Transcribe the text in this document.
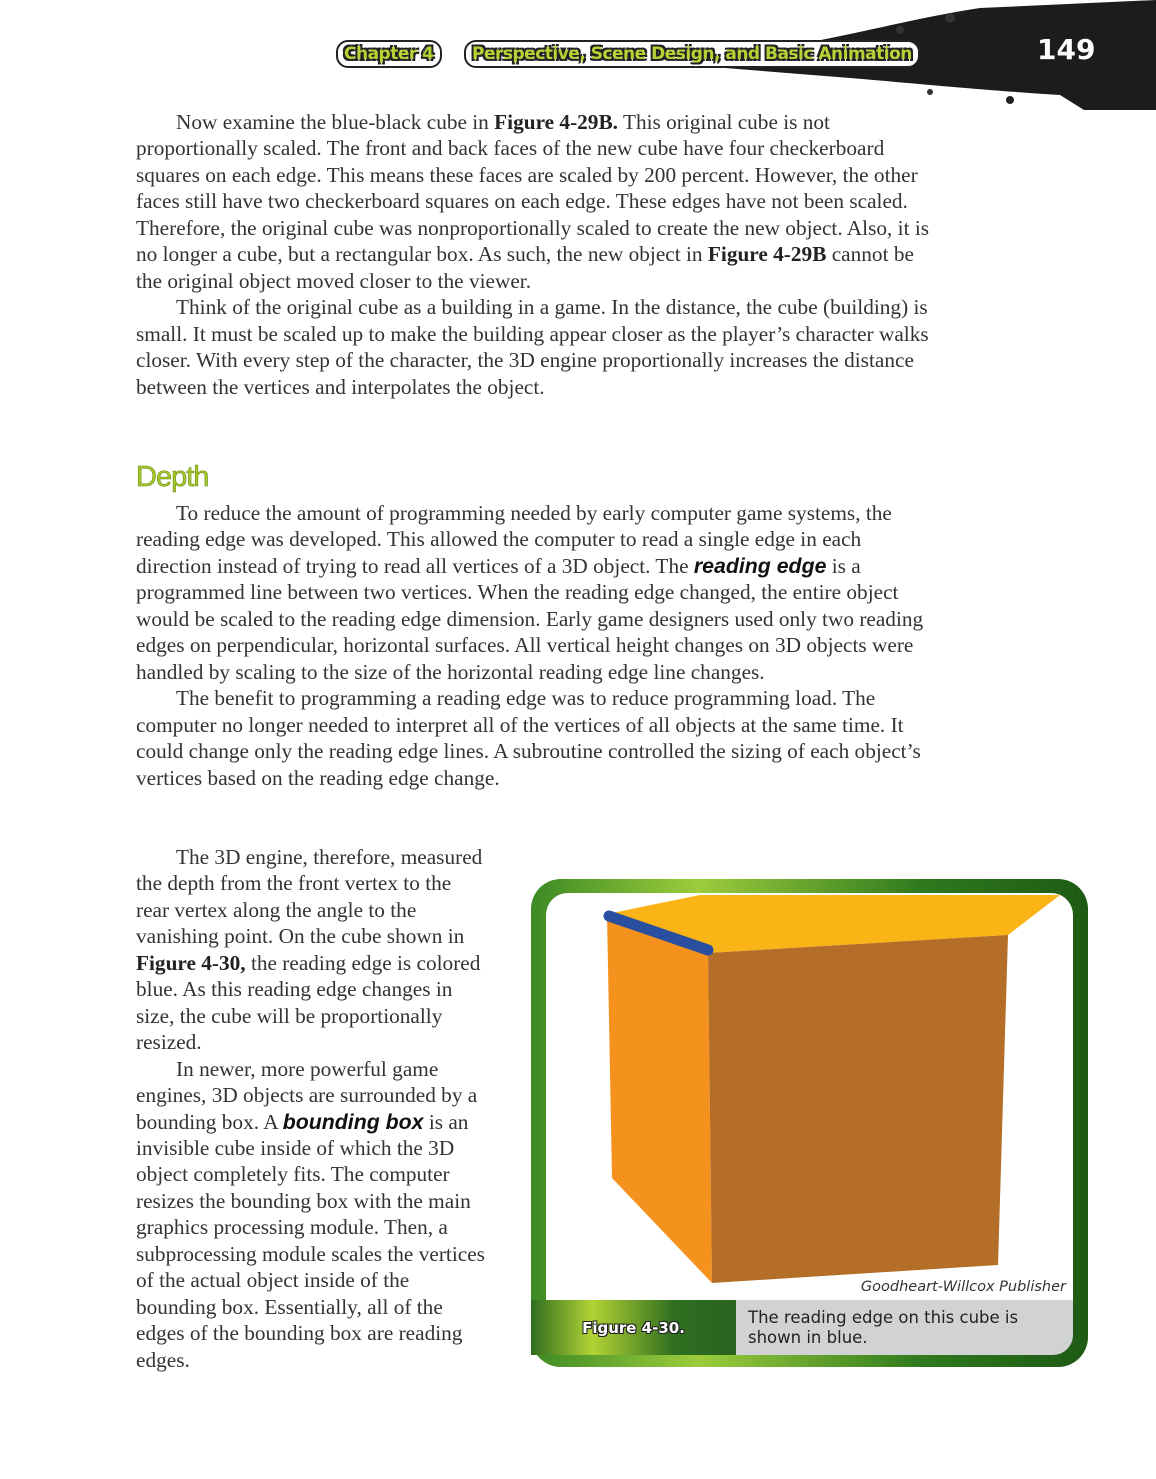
Chapter 4	Perspective, Scene Design, and Basic Animation	149

Now examine the blue-black cube in Figure 4-29B. This original cube is not proportionally scaled. The front and back faces of the new cube have four checkerboard squares on each edge. This means these faces are scaled by 200 percent. However, the other faces still have two checkerboard squares on each edge. These edges have not been scaled. Therefore, the original cube was nonproportionally scaled to create the new object. Also, it is no longer a cube, but a rectangular box. As such, the new object in Figure 4-29B cannot be the original object moved closer to the viewer.

Think of the original cube as a building in a game. In the distance, the cube (building) is small. It must be scaled up to make the building appear closer as the player’s character walks closer. With every step of the character, the 3D engine proportionally increases the distance between the vertices and interpolates the object.

Depth

To reduce the amount of programming needed by early computer game systems, the reading edge was developed. This allowed the computer to read a single edge in each direction instead of trying to read all vertices of a 3D object. The reading edge is a programmed line between two vertices. When the reading edge changed, the entire object would be scaled to the reading edge dimension. Early game designers used only two reading edges on perpendicular, horizontal surfaces. All vertical height changes on 3D objects were handled by scaling to the size of the horizontal reading edge line changes.

The benefit to programming a reading edge was to reduce programming load. The computer no longer needed to interpret all of the vertices of all objects at the same time. It could change only the reading edge lines. A subroutine controlled the sizing of each object’s vertices based on the reading edge change.

The 3D engine, therefore, measured the depth from the front vertex to the rear vertex along the angle to the vanishing point. On the cube shown in Figure 4-30, the reading edge is colored blue. As this reading edge changes in size, the cube will be proportionally resized.

In newer, more powerful game engines, 3D objects are surrounded by a bounding box. A bounding box is an invisible cube inside of which the 3D object completely fits. The computer resizes the bounding box with the main graphics processing module. Then, a subprocessing module scales the vertices of the actual object inside of the bounding box. Essentially, all of the edges of the bounding box are reading edges.

Goodheart-Willcox Publisher
Figure 4-30.
The reading edge on this cube is shown in blue.
